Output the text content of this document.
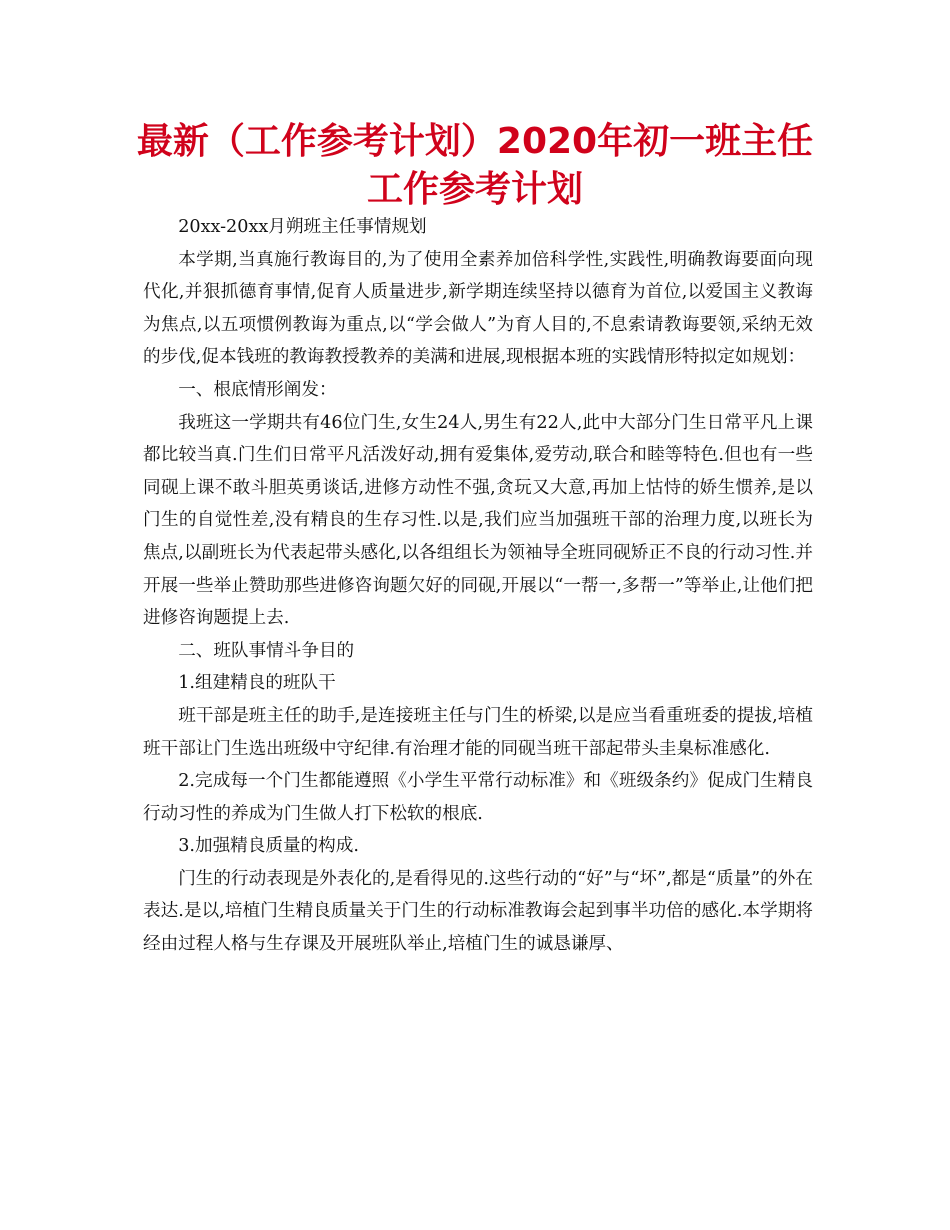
最新（工作参考计划）2020年初一班主任
工作参考计划

20xx-20xx月朔班主任事情规划

本学期,当真施行教诲目的,为了使用全素养加倍科学性,实践性,明确教诲要面向现代化,并狠抓德育事情,促育人质量进步,新学期连续坚持以德育为首位,以爱国主义教诲为焦点,以五项惯例教诲为重点,以“学会做人”为育人目的,不息索请教诲要领,采纳无效的步伐,促本钱班的教诲教授教养的美满和进展,现根据本班的实践情形特拟定如规划：

一、根底情形阐发：

我班这一学期共有46位门生,女生24人,男生有22人,此中大部分门生日常平凡上课都比较当真.门生们日常平凡活泼好动,拥有爱集体,爱劳动,联合和睦等特色.但也有一些同砚上课不敢斗胆英勇谈话,进修方动性不强,贪玩又大意,再加上怙恃的娇生惯养,是以门生的自觉性差,没有精良的生存习性.以是,我们应当加强班干部的治理力度,以班长为焦点,以副班长为代表起带头感化,以各组组长为领袖导全班同砚矫正不良的行动习性.并开展一些举止赞助那些进修咨询题欠好的同砚,开展以“一帮一,多帮一”等举止,让他们把进修咨询题提上去.

二、班队事情斗争目的

1.组建精良的班队干

班干部是班主任的助手,是连接班主任与门生的桥梁,以是应当看重班委的提拔,培植班干部让门生选出班级中守纪律.有治理才能的同砚当班干部起带头圭臬标准感化.

2.完成每一个门生都能遵照《小学生平常行动标准》和《班级条约》促成门生精良行动习性的养成为门生做人打下松软的根底.

3.加强精良质量的构成.

门生的行动表现是外表化的,是看得见的.这些行动的“好”与“坏”,都是“质量”的外在表达.是以,培植门生精良质量关于门生的行动标准教诲会起到事半功倍的感化.本学期将经由过程人格与生存课及开展班队举止,培植门生的诚恳谦厚、
